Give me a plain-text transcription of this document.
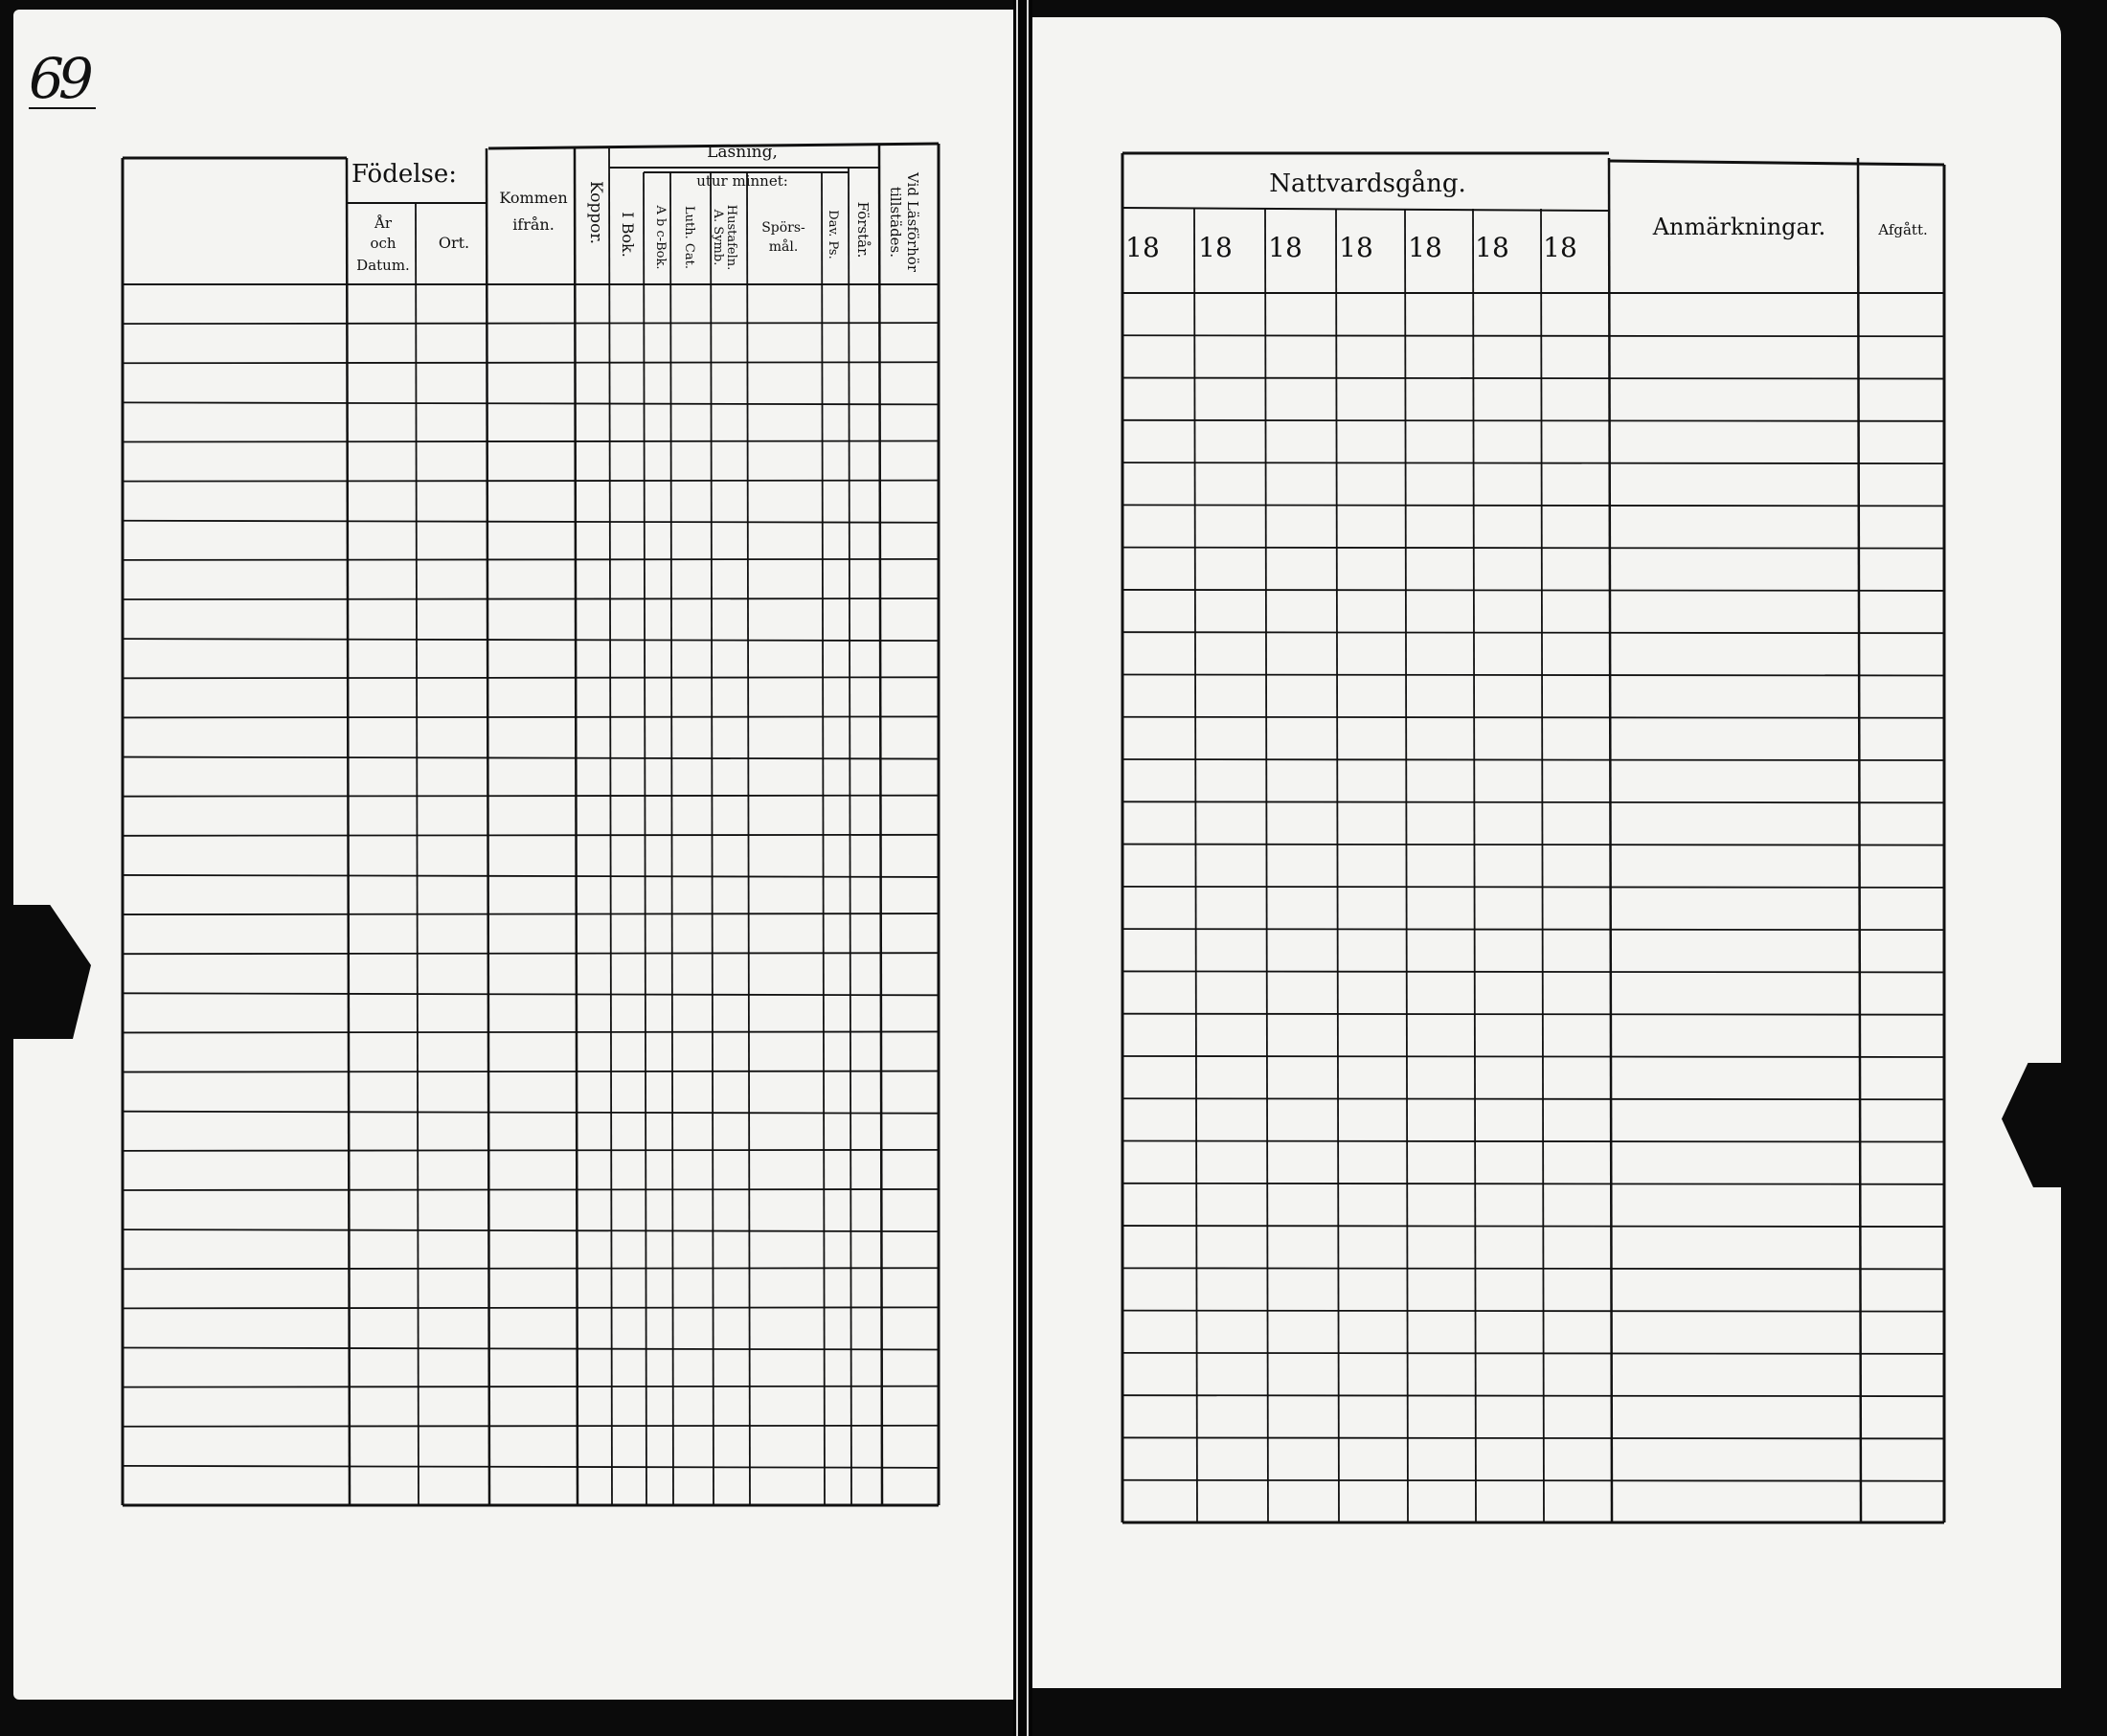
69
Födelse:
År
och
Datum.
Ort.
Kommen
ifrån. Koppor.
Läsning,
utur minnet:
I Bok. A b c-Bok. Luth. Cat. A. Symb. Hustafeln. Spörs-
mål. Dav. Ps. Förstår. Vid Läsförhör
tillstädes.
Nattvardsgång.
18 18 18 18 18 18 18
Anmärkningar.	Afgått.
